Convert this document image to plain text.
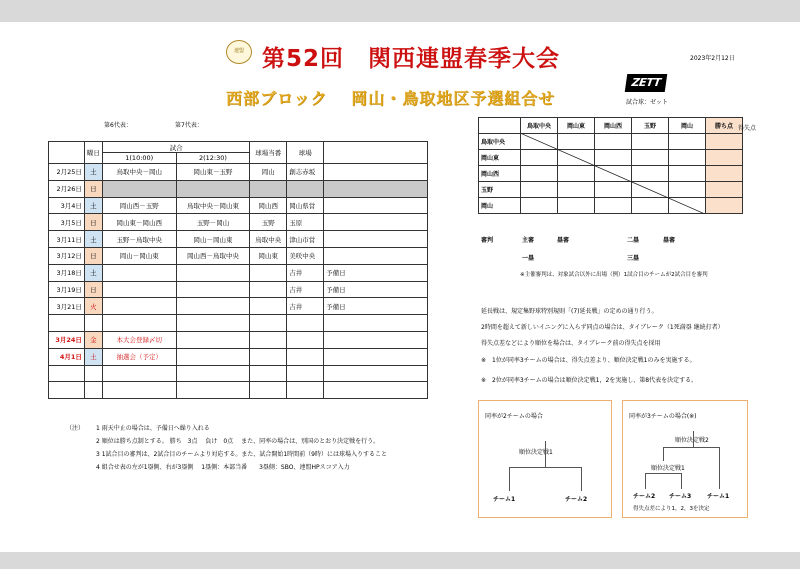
連盟 第52回　関西連盟春季大会	2023年2月12日
西部ブロック　 岡山・鳥取地区予選組合せ
ZETT
試合球：ゼット
第6代表：	第7代表：
	曜日	試合		球場当番	球場	
		1(10:00)	2(12:30)			
2月25日	土	鳥取中央－岡山	岡山東－玉野	岡山	創志赤坂	
2月26日	日					
3月4日	土	岡山西－玉野	鳥取中央－岡山東	岡山西	岡山県営	
3月5日	日	岡山東－岡山西	玉野－岡山	玉野	玉原	
3月11日	土	玉野－鳥取中央	岡山－岡山東	鳥取中央	津山市営	
3月12日	日	岡山－岡山東	岡山西－鳥取中央	岡山東	美咲中央	
3月18日	土				吉井	予備日
3月19日	日				吉井	予備日
3月21日	火				吉井	予備日

3月24日	金	本大会登録〆切				
4月1日	土	抽選会（予定）				

（注） 1 雨天中止の場合は、予備日へ繰り入れる
2 順位は勝ち点制とする。 勝ち　3点　 負け　0点　 また、同率の場合は、別国のとおり決定戦を行う。
3 1試合目の審判は、2試合目のチームより対応する。また、試合開始1時間前（9時）には球場入りすること
4 組合せ表の左が1塁側、右が3塁側　 1塁側：本部当番　　3塁側：SBO、連盟HPスコア入力
	鳥取中央	岡山東	岡山西	玉野	岡山	勝ち点
鳥取中央						
岡山東						
岡山西						
玉野						
岡山						
得失点
審判	主審	塁審	二塁	塁審
一塁	三塁
※主催審判は、対象試合以外に出場（例）1試合目のチームが2試合目を審判
延長戦は、規定集野球特別規則「(7)延長戦」の定めの通り行う。
2時間を超えて新しいイニングに入らず同点の場合は、タイブレーク（1死満塁 継続打者）
得失点差などにより順位を場合は、タイブレーク前の得失点を採用
※　1位が同率3チームの場合は、得失点差より、順位決定戦1のみを実施する。
※　2位が同率3チームの場合は順位決定戦1，2を実施し、第8代表を決定する。
同率が2チームの場合
順位決定戦1
チーム1	チーム2
同率が3チームの場合(※)
順位決定戦2
順位決定戦1
チーム2 チーム3	チーム1
得失点差により1，2，3を決定
